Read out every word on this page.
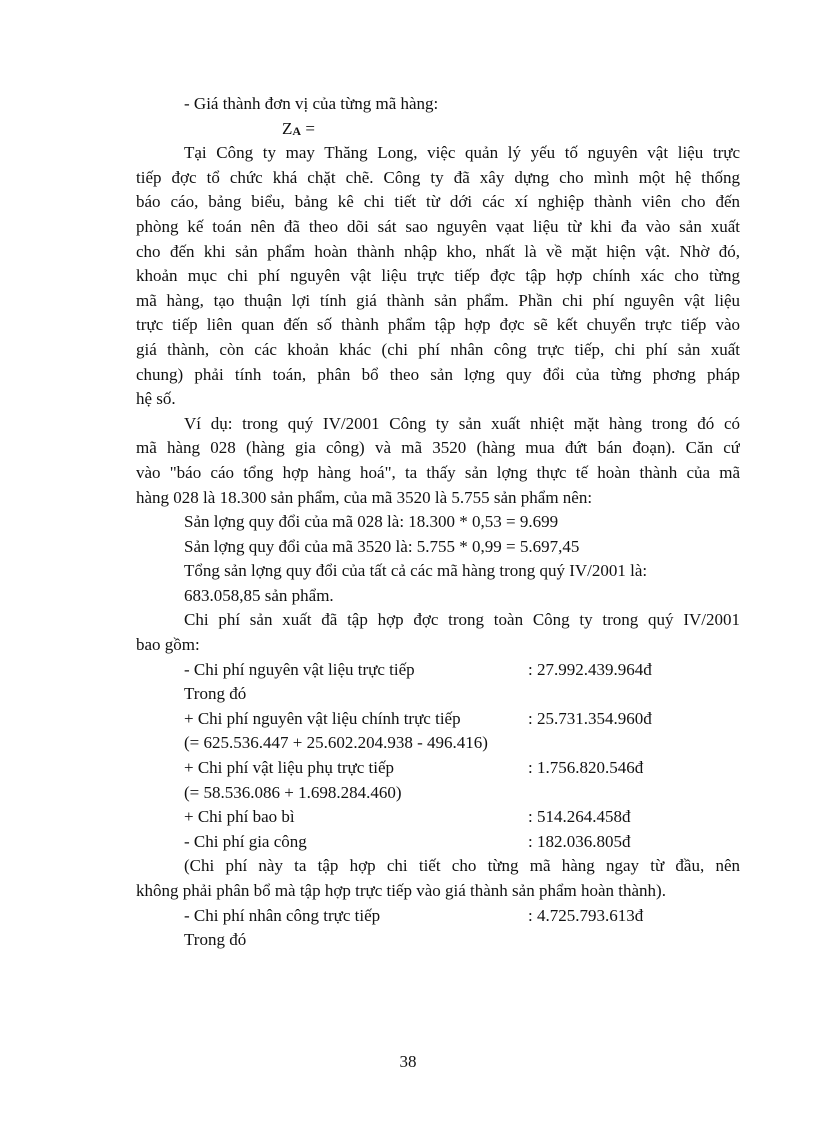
- Giá thành đơn vị của từng mã hàng:
ZA =
Tại Công ty may Thăng Long, việc quản lý yếu tố nguyên vật liệu trực
tiếp đợc tổ chức khá chặt chẽ. Công ty đã xây dựng cho mình một hệ thống
báo cáo, bảng biểu, bảng kê chi tiết từ dới các xí nghiệp thành viên cho đến
phòng kế toán nên đã theo dõi sát sao nguyên vạat liệu từ khi đa vào sản xuất
cho đến khi sản phẩm hoàn thành nhập kho, nhất là về mặt hiện vật. Nhờ đó,
khoản mục chi phí nguyên vật liệu trực tiếp đợc tập hợp chính xác cho từng
mã hàng, tạo thuận lợi tính giá thành sản phẩm. Phần chi phí nguyên vật liệu
trực tiếp liên quan đến số thành phẩm tập hợp đợc sẽ kết chuyển trực tiếp vào
giá thành, còn các khoản khác (chi phí nhân công trực tiếp, chi phí sản xuất
chung) phải tính toán, phân bổ theo sản lợng quy đổi của từng phơng pháp
hệ số.
Ví dụ: trong quý IV/2001 Công ty sản xuất nhiệt mặt hàng trong đó có
mã hàng 028 (hàng gia công) và mã 3520 (hàng mua đứt bán đoạn). Căn cứ
vào "báo cáo tổng hợp hàng hoá", ta thấy sản lợng thực tế hoàn thành của mã
hàng 028 là 18.300 sản phẩm, của mã 3520 là 5.755 sản phẩm nên:
Sản lợng quy đổi của mã 028 là: 18.300 * 0,53 = 9.699
Sản lợng quy đổi của mã 3520 là: 5.755 * 0,99 = 5.697,45
Tổng sản lợng quy đổi của tất cả các mã hàng trong quý IV/2001 là:
683.058,85 sản phẩm.
Chi phí sản xuất đã tập hợp đợc trong toàn Công ty trong quý IV/2001
bao gồm:
- Chi phí nguyên vật liệu trực tiếp	: 27.992.439.964đ
Trong đó
+ Chi phí nguyên vật liệu chính trực tiếp	: 25.731.354.960đ
(= 625.536.447 + 25.602.204.938 - 496.416)
+ Chi phí vật liệu phụ trực tiếp	: 1.756.820.546đ
(= 58.536.086 + 1.698.284.460)
+ Chi phí bao bì	: 514.264.458đ
- Chi phí gia công	: 182.036.805đ
(Chi phí này ta tập hợp chi tiết cho từng mã hàng ngay từ đầu, nên
không phải phân bổ mà tập hợp trực tiếp vào giá thành sản phẩm hoàn thành).
- Chi phí nhân công trực tiếp	: 4.725.793.613đ
Trong đó
38
